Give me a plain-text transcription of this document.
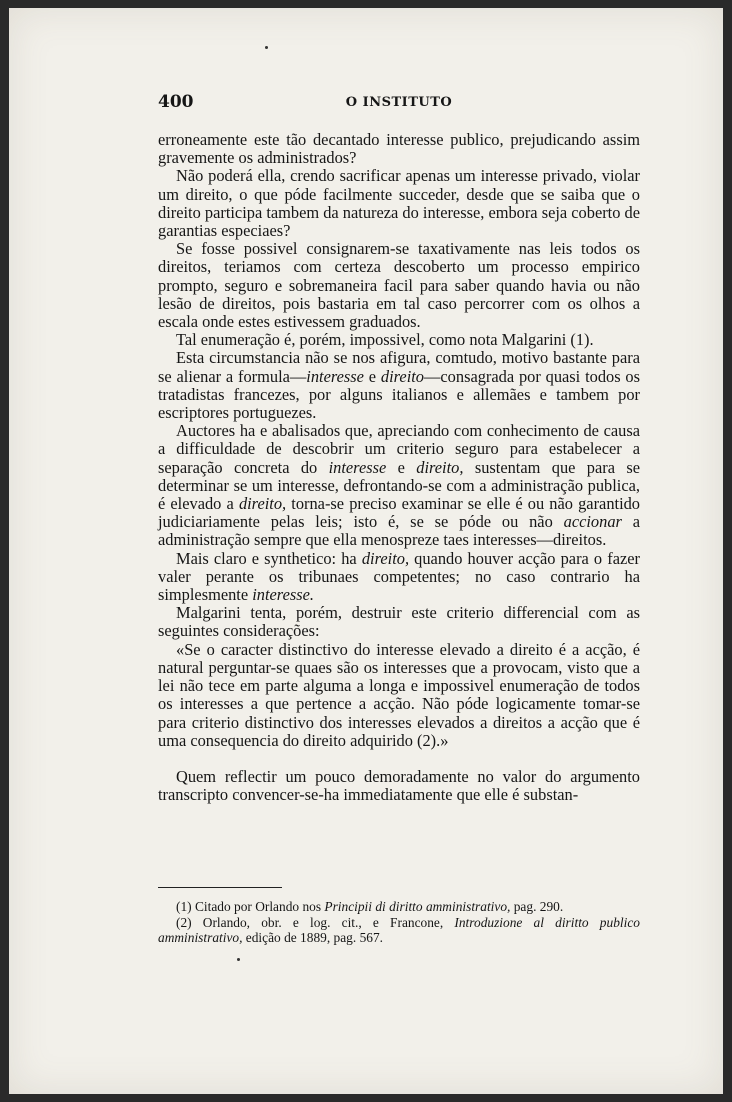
400	O INSTITUTO

erroneamente este tão decantado interesse publico, prejudicando assim gravemente os administrados?

Não poderá ella, crendo sacrificar apenas um interesse privado, violar um direito, o que póde facilmente succeder, desde que se saiba que o direito participa tambem da natureza do interesse, embora seja coberto de garantias especiaes?

Se fosse possivel consignarem-se taxativamente nas leis todos os direitos, teriamos com certeza descoberto um processo empirico prompto, seguro e sobremaneira facil para saber quando havia ou não lesão de direitos, pois bastaria em tal caso percorrer com os olhos a escala onde estes estivessem graduados.

Tal enumeração é, porém, impossivel, como nota Malgarini (1).

Esta circumstancia não se nos afigura, comtudo, motivo bastante para se alienar a formula—interesse e direito—consagrada por quasi todos os tratadistas francezes, por alguns italianos e allemães e tambem por escriptores portuguezes.

Auctores ha e abalisados que, apreciando com conhecimento de causa a difficuldade de descobrir um criterio seguro para estabelecer a separação concreta do interesse e direito, sustentam que para se determinar se um interesse, defrontando-se com a administração publica, é elevado a direito, torna-se preciso examinar se elle é ou não garantido judiciariamente pelas leis; isto é, se se póde ou não accionar a administração sempre que ella menospreze taes interesses—direitos.

Mais claro e synthetico: ha direito, quando houver acção para o fazer valer perante os tribunaes competentes; no caso contrario ha simplesmente interesse.

Malgarini tenta, porém, destruir este criterio differencial com as seguintes considerações:

«Se o caracter distinctivo do interesse elevado a direito é a acção, é natural perguntar-se quaes são os interesses que a provocam, visto que a lei não tece em parte alguma a longa e impossivel enumeração de todos os interesses a que pertence a acção. Não póde logicamente tomar-se para criterio distinctivo dos interesses elevados a direitos a acção que é uma consequencia do direito adquirido (2).»

Quem reflectir um pouco demoradamente no valor do argumento transcripto convencer-se-ha immediatamente que elle é substan-

(1) Citado por Orlando nos Principii di diritto amministrativo, pag. 290.

(2) Orlando, obr. e log. cit., e Francone, Introduzione al diritto publico amministrativo, edição de 1889, pag. 567.
